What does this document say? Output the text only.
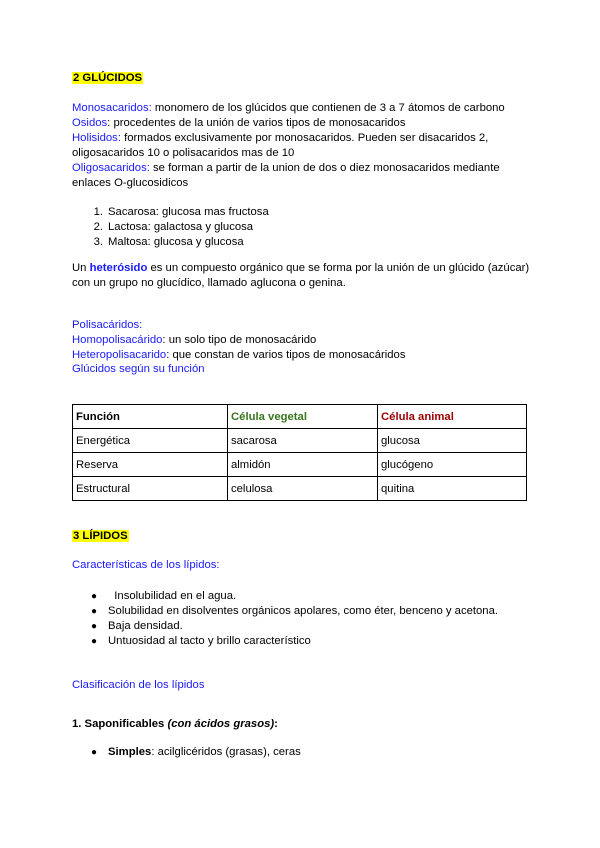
2 GLÚCIDOS
Monosacaridos: monomero de los glúcidos que contienen de 3 a 7 átomos de carbono
Osidos: procedentes de la unión de varios tipos de monosacaridos
Holisidos: formados exclusivamente por monosacaridos. Pueden ser disacaridos 2,
oligosacaridos 10 o polisacaridos mas de 10
Oligosacaridos: se forman a partir de la union de dos o diez monosacaridos mediante
enlaces O-glucosidicos
1. Sacarosa: glucosa mas fructosa
2. Lactosa: galactosa y glucosa
3. Maltosa: glucosa y glucosa
Un heterósido es un compuesto orgánico que se forma por la unión de un glúcido (azúcar)
con un grupo no glucídico, llamado aglucona o genina.
Polisacáridos:
Homopolisacárido: un solo tipo de monosacárido
Heteropolisacarido: que constan de varios tipos de monosacáridos
Glúcidos según su función
Función	Célula vegetal	Célula animal
Energética	sacarosa	glucosa
Reserva	almidón	glucógeno
Estructural	celulosa	quitina
3 LÍPIDOS
Características de los lípidos:
● Insolubilidad en el agua.
● Solubilidad en disolventes orgánicos apolares, como éter, benceno y acetona.
● Baja densidad.
● Untuosidad al tacto y brillo característico
Clasificación de los lípidos
1. Saponificables (con ácidos grasos):
● Simples: acilglicéridos (grasas), ceras
